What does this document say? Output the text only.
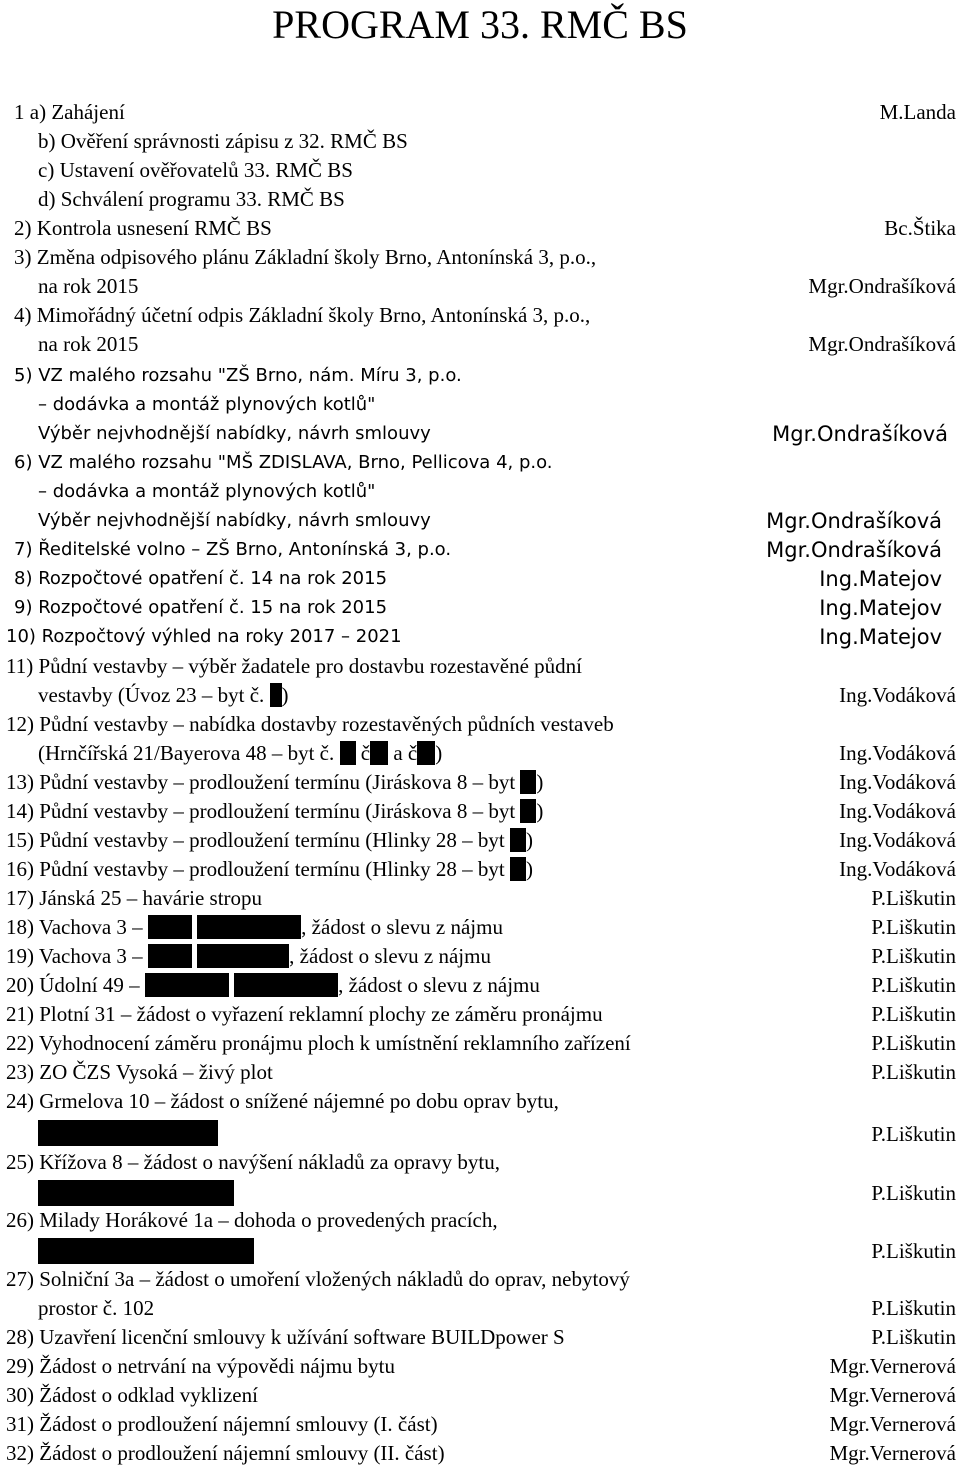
PROGRAM 33. RMČ BS
1 a) Zahájení	M.Landa
b) Ověření správnosti zápisu z 32. RMČ BS
c) Ustavení ověřovatelů 33. RMČ BS
d) Schválení programu 33. RMČ BS
2) Kontrola usnesení RMČ BS	Bc.Štika
3) Změna odpisového plánu Základní školy Brno, Antonínská 3, p.o.,
na rok 2015	Mgr.Ondrašíková
4) Mimořádný účetní odpis Základní školy Brno, Antonínská 3, p.o.,
na rok 2015	Mgr.Ondrašíková
5) VZ malého rozsahu "ZŠ Brno, nám. Míru 3, p.o.
– dodávka a montáž plynových kotlů"
Výběr nejvhodnější nabídky, návrh smlouvy	Mgr.Ondrašíková
6) VZ malého rozsahu "MŠ ZDISLAVA, Brno, Pellicova 4, p.o.
– dodávka a montáž plynových kotlů"
Výběr nejvhodnější nabídky, návrh smlouvy	Mgr.Ondrašíková
7) Ředitelské volno – ZŠ Brno, Antonínská 3, p.o.	Mgr.Ondrašíková
8) Rozpočtové opatření č. 14 na rok 2015	Ing.Matejov
9) Rozpočtové opatření č. 15 na rok 2015	Ing.Matejov
10) Rozpočtový výhled na roky 2017 – 2021	Ing.Matejov
11) Půdní vestavby – výběr žadatele pro dostavbu rozestavěné půdní
vestavby (Úvoz 23 – byt č. )	Ing.Vodáková
12) Půdní vestavby – nabídka dostavby rozestavěných půdních vestaveb
(Hrnčířská 21/Bayerova 48 – byt č.  č a č )	Ing.Vodáková
13) Půdní vestavby – prodloužení termínu (Jiráskova 8 – byt )	Ing.Vodáková
14) Půdní vestavby – prodloužení termínu (Jiráskova 8 – byt )	Ing.Vodáková
15) Půdní vestavby – prodloužení termínu (Hlinky 28 – byt )	Ing.Vodáková
16) Půdní vestavby – prodloužení termínu (Hlinky 28 – byt )	Ing.Vodáková
17) Jánská 25 – havárie stropu	P.Liškutin
18) Vachova 3 –	, žádost o slevu z nájmu	P.Liškutin
19) Vachova 3 –	, žádost o slevu z nájmu	P.Liškutin
20) Údolní 49 –	, žádost o slevu z nájmu	P.Liškutin
21) Plotní 31 – žádost o vyřazení reklamní plochy ze záměru pronájmu	P.Liškutin
22) Vyhodnocení záměru pronájmu ploch k umístnění reklamního zařízení	P.Liškutin
23) ZO ČZS Vysoká – živý plot	P.Liškutin
24) Grmelova 10 – žádost o snížené nájemné po dobu oprav bytu,
P.Liškutin
25) Křížova 8 – žádost o navýšení nákladů za opravy bytu,
P.Liškutin
26) Milady Horákové 1a – dohoda o provedených pracích,
P.Liškutin
27) Solniční 3a – žádost o umoření vložených nákladů do oprav, nebytový
prostor č. 102	P.Liškutin
28) Uzavření licenční smlouvy k užívání software BUILDpower S	P.Liškutin
29) Žádost o netrvání na výpovědi nájmu bytu	Mgr.Vernerová
30) Žádost o odklad vyklizení	Mgr.Vernerová
31) Žádost o prodloužení nájemní smlouvy (I. část)	Mgr.Vernerová
32) Žádost o prodloužení nájemní smlouvy (II. část)	Mgr.Vernerová
